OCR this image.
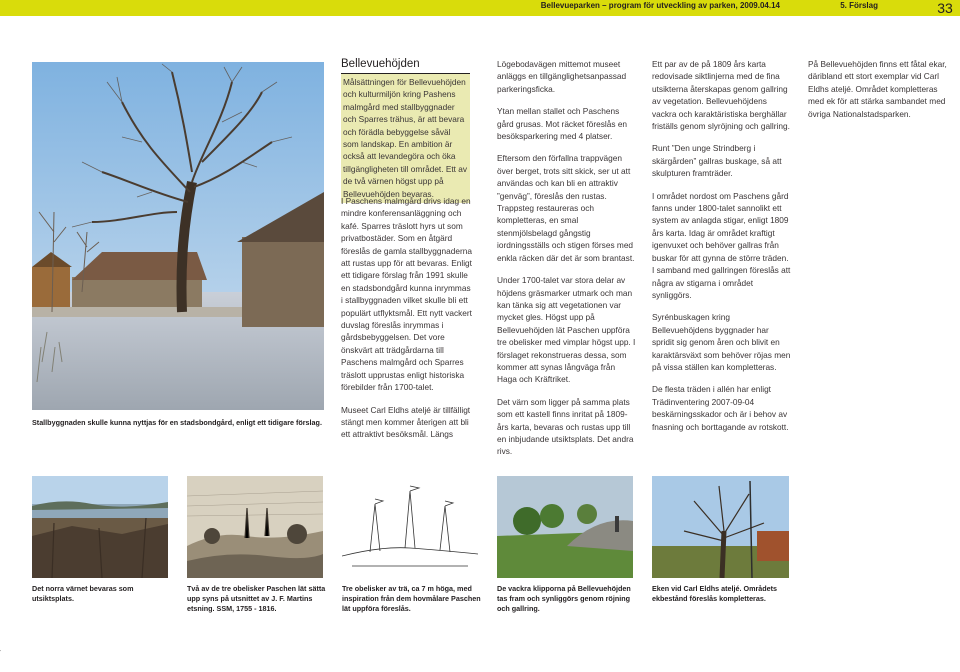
Bellevueparken – program för utveckling av parken, 2009.04.14	5. Förslag	33
Stallbyggnaden skulle kunna nyttjas för en stadsbondgård, enligt ett tidigare förslag.
Bellevuehöjden
Målsättningen för Bellevuehöjden och kulturmiljön kring Pashens malmgård med stallbyggnader och Sparres trähus, är att bevara och förädla bebyggelse såväl som landskap. En ambition är också att levandegöra och öka tillgängligheten till området. Ett av de två värnen högst upp på Bellevuehöjden bevaras.

I Paschens malmgård drivs idag en mindre konferensanläggning och kafé. Sparres träslott hyrs ut som privatbostäder. Som en åtgärd föreslås de gamla stallbyggnaderna att rustas upp för att bevaras. Enligt ett tidigare förslag från 1991 skulle en stadsbondgård kunna inrymmas i stallbyggnaden vilket skulle bli ett populärt utflyktsmål. Ett nytt vackert duvslag föreslås inrymmas i gårdsbebyggelsen. Det vore önskvärt att trädgårdarna till Paschens malmgård och Sparres träslott upprustas enligt historiska förebilder från 1700-talet.

Museet Carl Eldhs ateljé är tillfälligt stängt men kommer återigen att bli ett attraktivt besöksmål. Längs

Lögebodavägen mittemot museet anläggs en tillgänglighetsanpassad parkeringsficka.

Ytan mellan stallet och Paschens gård grusas. Mot räcket föreslås en besöksparkering med 4 platser.

Eftersom den förfallna trappvägen över berget, trots sitt skick, ser ut att användas och kan bli en attraktiv ”genväg”, föreslås den rustas. Trappsteg restaureras och kompletteras, en smal stenmjölsbelagd gångstig iordningsställs och stigen förses med enkla räcken där det är som brantast.

Under 1700-talet var stora delar av höjdens gräsmarker utmark och man kan tänka sig att vegetationen var mycket gles. Högst upp på Bellevuehöjden lät Paschen uppföra tre obelisker med vimplar högst upp. I förslaget rekonstrueras dessa, som kommer att synas långväga från Haga och Kräftriket.

Det värn som ligger på samma plats som ett kastell finns inritat på 1809-års karta, bevaras och rustas upp till en inbjudande utsiktsplats. Det andra rivs.

Ett par av de på 1809 års karta redovisade siktlinjerna med de fina utsikterna återskapas genom gallring av vegetation. Bellevuehöjdens vackra och karaktäristiska berghällar friställs genom slyröjning och gallring.

Runt ”Den unge Strindberg i skärgården” gallras buskage, så att skulpturen framträder.

I området nordost om Paschens gård fanns under 1800-talet sannolikt ett system av anlagda stigar, enligt 1809 års karta. Idag är området kraftigt igenvuxet och behöver gallras från buskar för att gynna de större träden. I samband med gallringen föreslås att några av stigarna i området synliggörs.

Syrénbuskagen kring Bellevuehöjdens byggnader har spridit sig genom åren och blivit en karaktärsväxt som behöver röjas men på vissa ställen kan kompletteras.

De flesta träden i allén har enligt Trädinventering 2007-09-04 beskärningsskador och är i behov av fnasning och borttagande av rotskott.

På Bellevuehöjden finns ett fåtal ekar, däribland ett stort exemplar vid Carl Eldhs ateljé. Området kompletteras med ek för att stärka sambandet med övriga Nationalstadsparken.

Det norra värnet bevaras som utsiktsplats.
Två av de tre obelisker Paschen lät sätta upp syns på utsnittet av J. F. Martins etsning. SSM, 1755 - 1816.
Tre obelisker av trä, ca 7 m höga, med inspiration från dem hovmålare Paschen lät uppföra föreslås.
De vackra klipporna på Bellevuehöjden tas fram och synliggörs genom röjning och gallring.
Eken vid Carl Eldhs ateljé. Områdets ekbestånd föreslås kompletteras.
